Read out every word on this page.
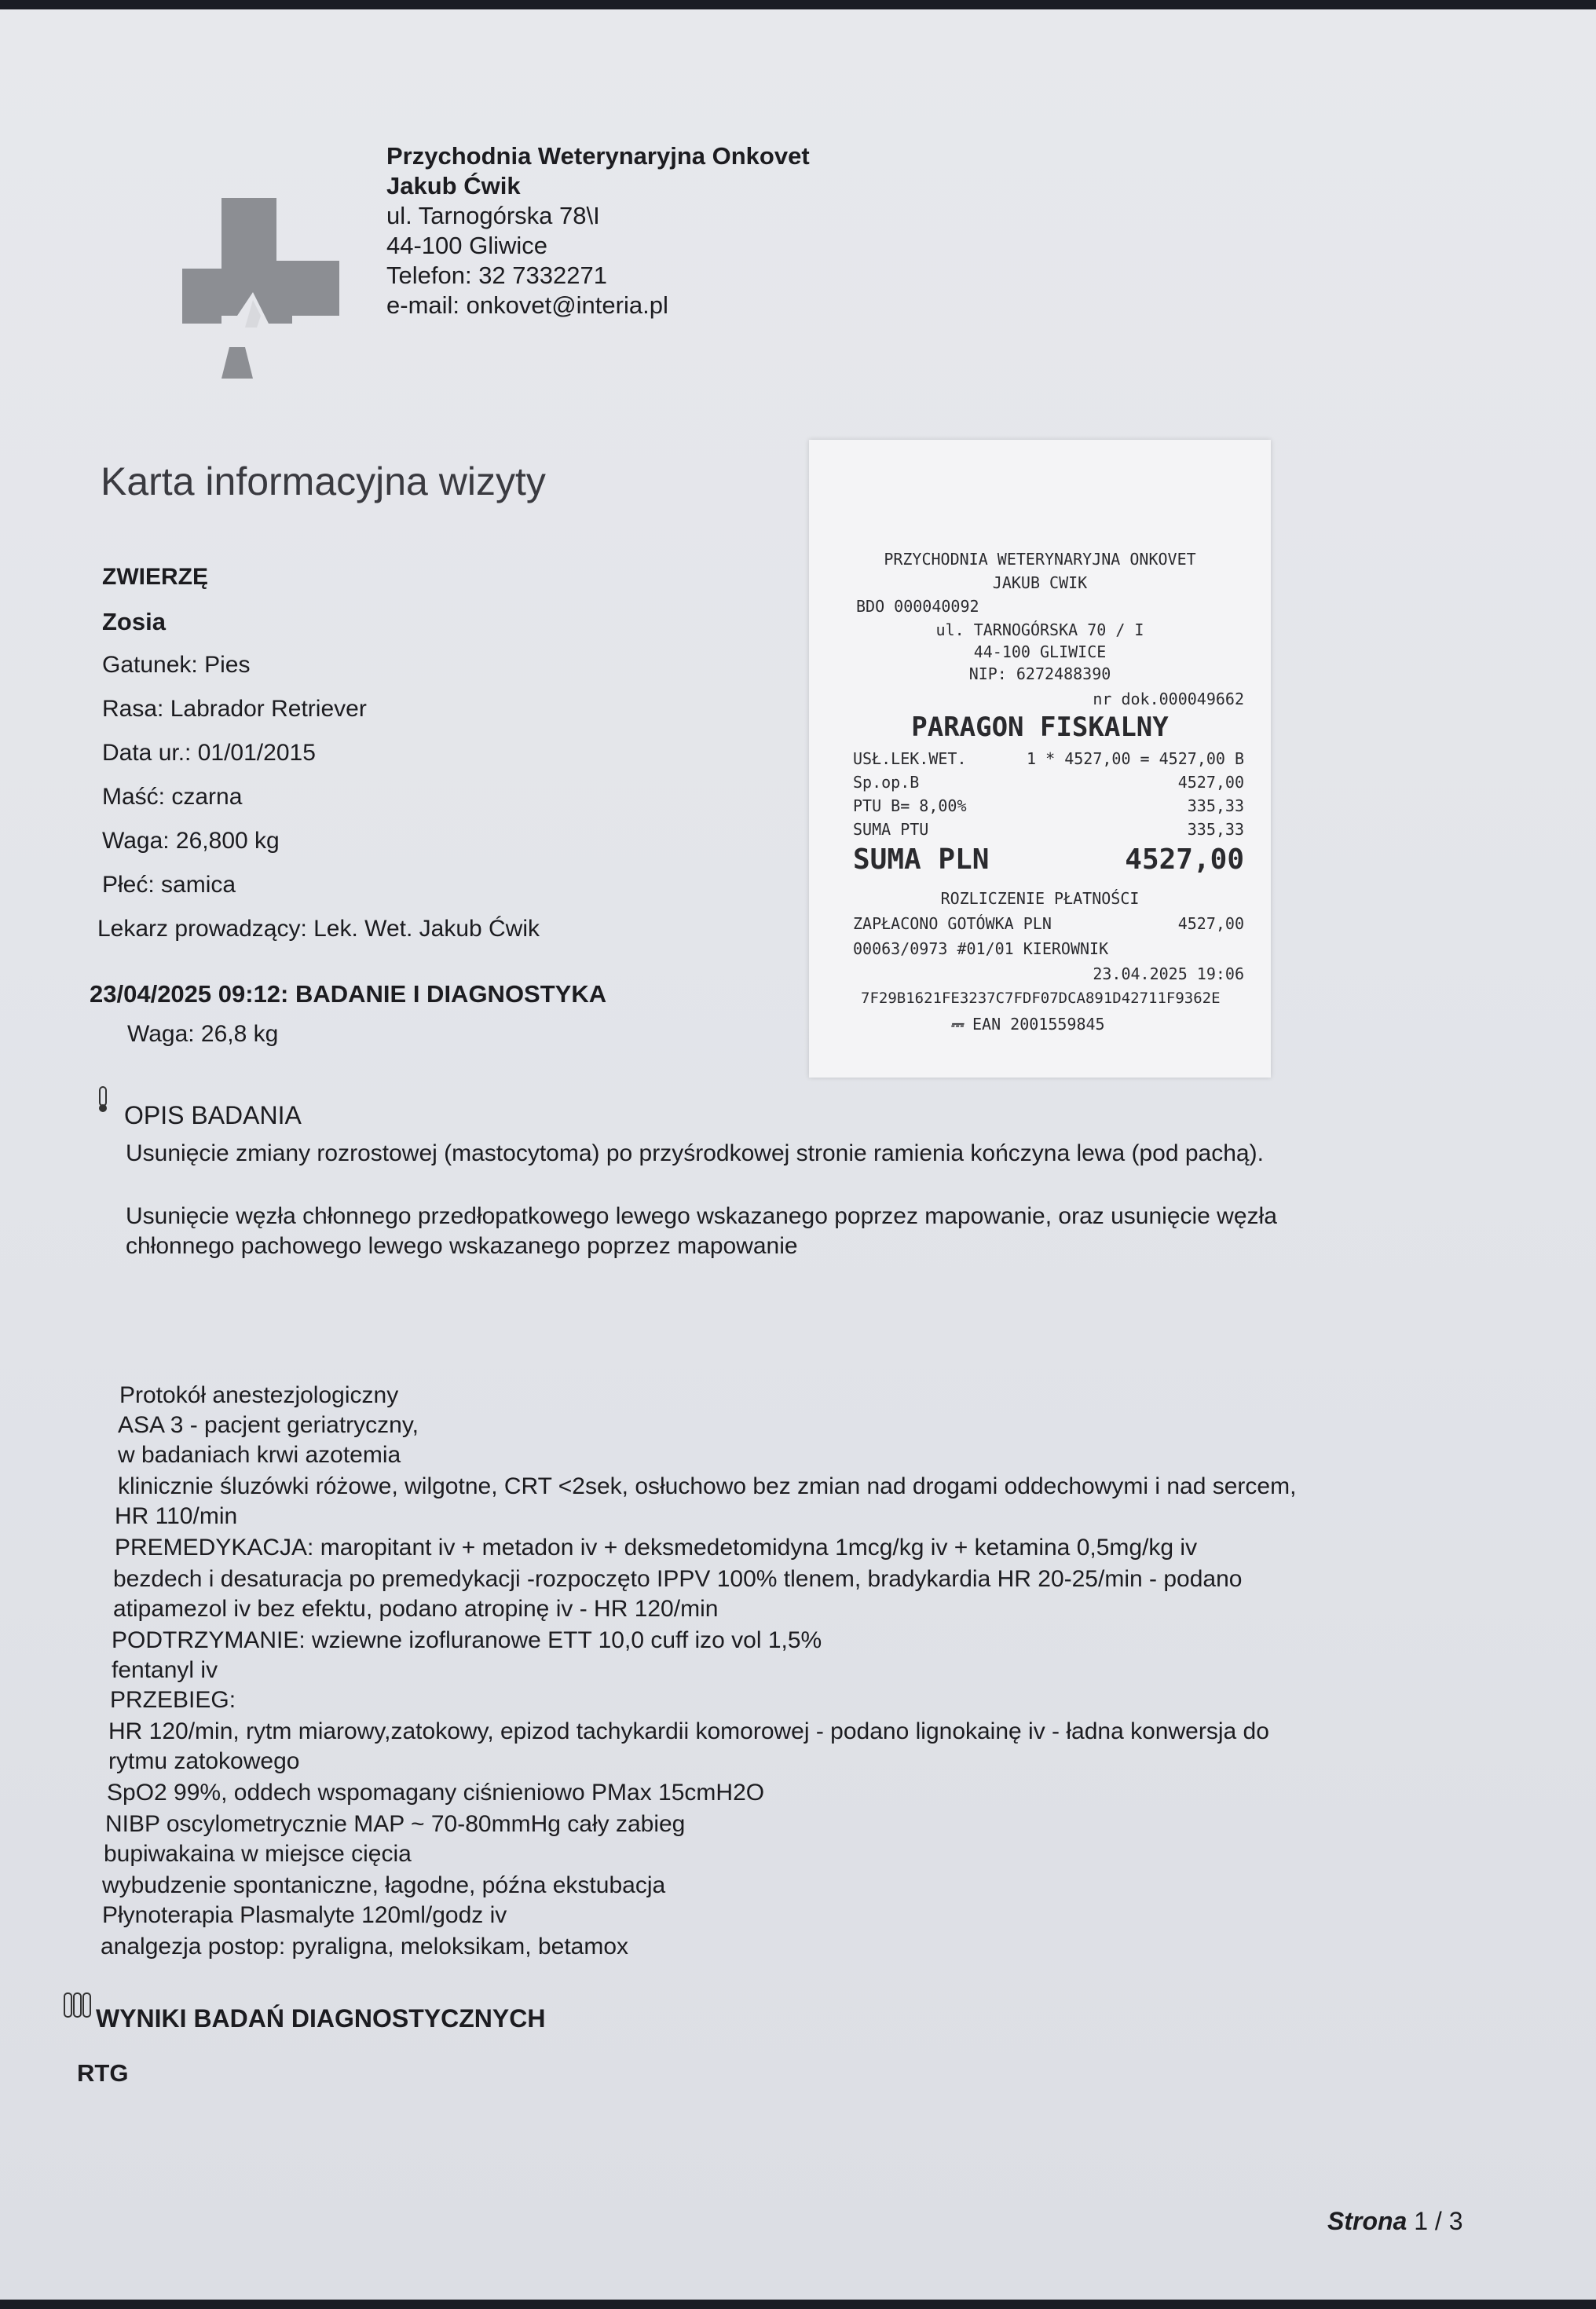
Przychodnia Weterynaryjna Onkovet
Jakub Ćwik
ul. Tarnogórska 78\I
44-100 Gliwice
Telefon: 32 7332271
e-mail: onkovet@interia.pl
Karta informacyjna wizyty
ZWIERZĘ
Zosia
Gatunek: Pies
Rasa: Labrador Retriever
Data ur.: 01/01/2015
Maść: czarna
Waga: 26,800 kg
Płeć: samica
Lekarz prowadzący: Lek. Wet. Jakub Ćwik
23/04/2025 09:12: BADANIE I DIAGNOSTYKA
Waga: 26,8 kg
OPIS BADANIA
Usunięcie zmiany rozrostowej (mastocytoma) po przyśrodkowej stronie ramienia kończyna lewa (pod pachą).
Usunięcie węzła chłonnego przedłopatkowego lewego wskazanego poprzez mapowanie, oraz usunięcie węzła
chłonnego pachowego lewego wskazanego poprzez mapowanie
Protokół anestezjologiczny
ASA 3 - pacjent geriatryczny,
w badaniach krwi azotemia
klinicznie śluzówki różowe, wilgotne, CRT <2sek, osłuchowo bez zmian nad drogami oddechowymi i nad sercem,
HR 110/min
PREMEDYKACJA: maropitant iv + metadon iv + deksmedetomidyna 1mcg/kg iv + ketamina 0,5mg/kg iv
bezdech i desaturacja po premedykacji -rozpoczęto IPPV 100% tlenem, bradykardia HR 20-25/min - podano
atipamezol iv bez efektu, podano atropinę iv - HR 120/min
PODTRZYMANIE: wziewne izofluranowe ETT 10,0 cuff izo vol 1,5%
fentanyl iv
PRZEBIEG:
HR 120/min, rytm miarowy,zatokowy, epizod tachykardii komorowej - podano lignokainę iv - ładna konwersja do
rytmu zatokowego
SpO2 99%, oddech wspomagany ciśnieniowo PMax 15cmH2O
NIBP oscylometrycznie MAP ~ 70-80mmHg cały zabieg
bupiwakaina w miejsce cięcia
wybudzenie spontaniczne, łagodne, późna ekstubacja
Płynoterapia Plasmalyte 120ml/godz iv
analgezja postop: pyraligna, meloksikam, betamox
WYNIKI BADAŃ DIAGNOSTYCZNYCH
RTG
Strona 1 / 3
PRZYCHODNIA WETERYNARYJNA ONKOVET
JAKUB CWIK
BDO 000040092
ul. TARNOGÓRSKA 70 / I
44-100 GLIWICE
NIP: 6272488390
nr dok.000049662
PARAGON FISKALNY
USŁ.LEK.WET.	1 * 4527,00 = 4527,00 B
Sp.op.B	4527,00
PTU B= 8,00%	335,33
SUMA PTU	335,33
SUMA PLN	4527,00
ROZLICZENIE PŁATNOŚCI
ZAPŁACONO GOTÓWKA PLN	4527,00
00063/0973 #01/01 KIEROWNIK
23.04.2025 19:06
7F29B1621FE3237C7FDF07DCA891D42711F9362E
⎓ EAN 2001559845
